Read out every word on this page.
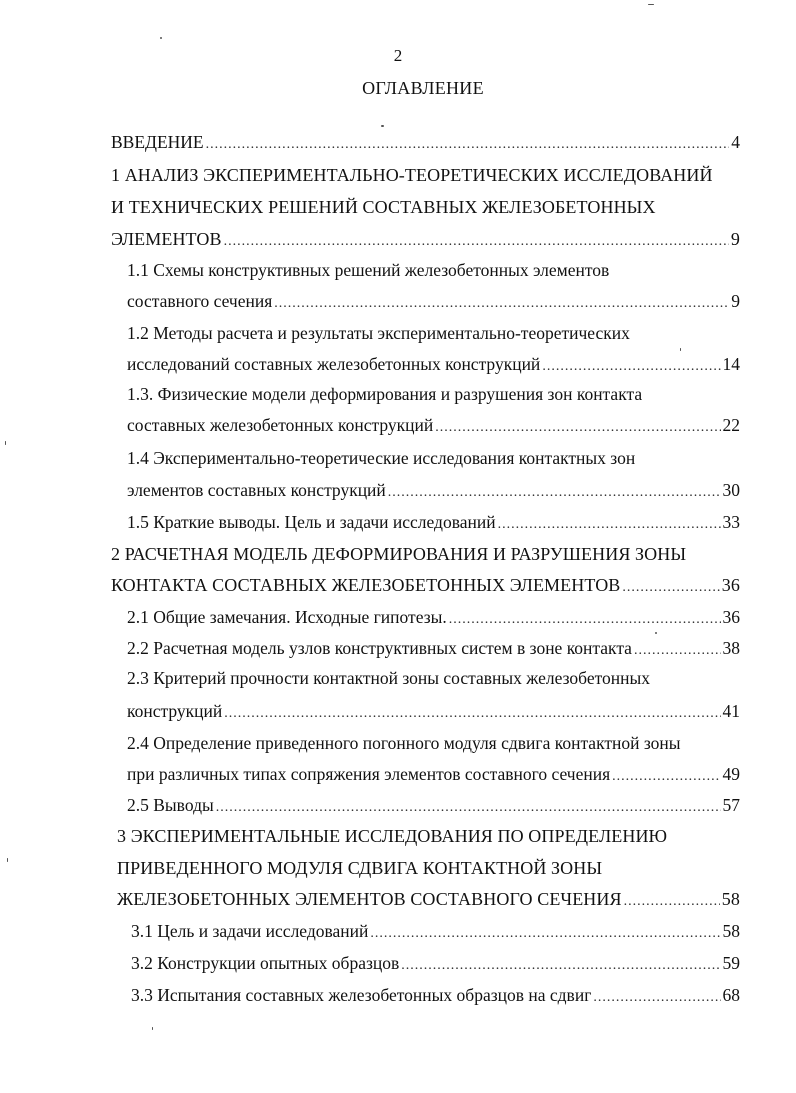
2
ОГЛАВЛЕНИЕ
ВВЕДЕНИЕ .....	4
1 АНАЛИЗ ЭКСПЕРИМЕНТАЛЬНО-ТЕОРЕТИЧЕСКИХ ИССЛЕДОВАНИЙ
И ТЕХНИЧЕСКИХ РЕШЕНИЙ СОСТАВНЫХ ЖЕЛЕЗОБЕТОННЫХ
ЭЛЕМЕНТОВ .....	9
1.1 Схемы конструктивных решений железобетонных элементов
составного сечения .....	9
1.2 Методы расчета и результаты экспериментально-теоретических
исследований составных железобетонных конструкций .....	14
1.3. Физические модели деформирования и разрушения зон контакта
составных железобетонных конструкций .....	22
1.4 Экспериментально-теоретические исследования контактных зон
элементов составных конструкций .....	30
1.5 Краткие выводы. Цель и задачи исследований .....	33
2 РАСЧЕТНАЯ МОДЕЛЬ ДЕФОРМИРОВАНИЯ И РАЗРУШЕНИЯ ЗОНЫ
КОНТАКТА СОСТАВНЫХ ЖЕЛЕЗОБЕТОННЫХ ЭЛЕМЕНТОВ .....	36
2.1 Общие замечания. Исходные гипотезы. .....	36
2.2 Расчетная модель узлов конструктивных систем в зоне контакта .....	38
2.3 Критерий прочности контактной зоны составных железобетонных
конструкций .....	41
2.4 Определение приведенного погонного модуля сдвига контактной зоны
при различных типах сопряжения элементов составного сечения .....	49
2.5 Выводы .....	57
3 ЭКСПЕРИМЕНТАЛЬНЫЕ ИССЛЕДОВАНИЯ ПО ОПРЕДЕЛЕНИЮ
ПРИВЕДЕННОГО МОДУЛЯ СДВИГА КОНТАКТНОЙ ЗОНЫ
ЖЕЛЕЗОБЕТОННЫХ ЭЛЕМЕНТОВ СОСТАВНОГО СЕЧЕНИЯ .....	58
3.1 Цель и задачи исследований .....	58
3.2 Конструкции опытных образцов .....	59
3.3 Испытания составных железобетонных образцов на сдвиг .....	68
